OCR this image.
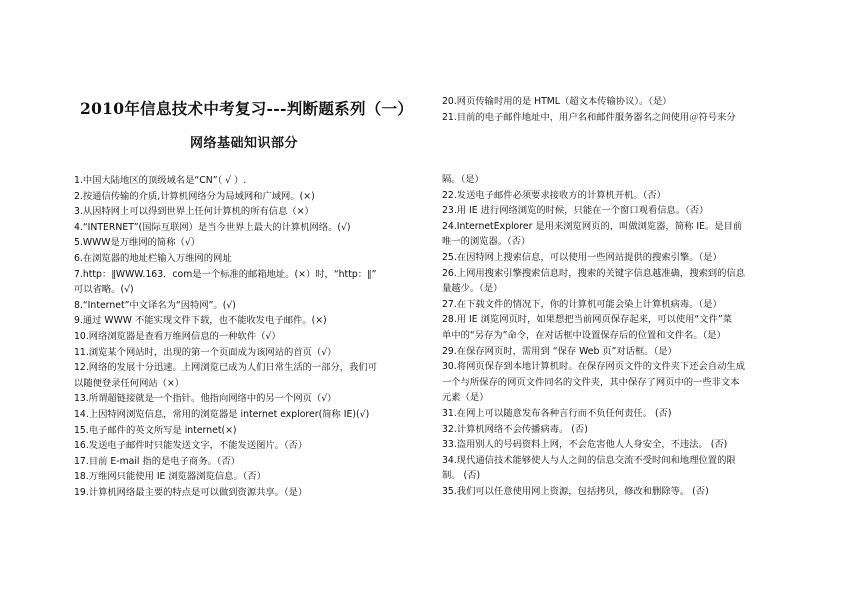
2010年信息技术中考复习---判断题系列（一）
网络基础知识部分

1.中国大陆地区的顶级域名是“CN”（ √ ）.

2.按通信传输的介质,计算机网络分为局域网和广域网。(×)

3.从因特网上可以得到世界上任何计算机的所有信息（×）

4.“INTERNET”(国际互联网）是当今世界上最大的计算机网络。(√)

5.WWW是万维网的简称（√）

6.在浏览器的地址栏输入万维网的网址

7.http：∥WWW.163．com是一个标准的邮箱地址。(×）时，“http：∥”

可以省略。(√)

8.“Internet”中文译名为“因特网”。(√)

9.通过 WWW 不能实现文件下载，也不能收发电子邮件。(×)

10.网络浏览器是查看万维网信息的一种软件（√）

11.浏览某个网站时，出现的第一个页面成为该网站的首页（√）

12.网络的发展十分迅速。上网浏览已成为人们日常生活的一部分，我们可

以随便登录任何网站（×）

13.所谓超链接就是一个指针。他指向网络中的另一个网页（√）

14.上因特网浏览信息，常用的浏览器是 internet explorer(简称 IE)(√)

15.电子邮件的英文所写是 internet(×)

16.发送电子邮件时只能发送文字，不能发送图片。（否）

17.目前 E-mail 指的是电子商务。（否）

18.万维网只能使用 IE 浏览器浏览信息。（否）

19.计算机网络最主要的特点是可以做到资源共享。（是）

20.网页传输时用的是 HTML（超文本传输协议）。（是）

21.目前的电子邮件地址中，用户名和邮件服务器名之间使用＠符号来分

隔。（是）

22.发送电子邮件必须要求接收方的计算机开机。（否）

23.用 IE 进行网络浏览的时候，只能在一个窗口观看信息。（否）

24.InternetExplorer 是用来浏览网页的，叫做浏览器，简称 IE。是目前

唯一的浏览器。（否）

25.在因特网上搜索信息，可以使用一些网站提供的搜索引擎。（是）

26.上网用搜索引擎搜索信息时，搜索的关键字信息越准确，搜索到的信息

量越少。（是）

27.在下载文件的情况下，你的计算机可能会染上计算机病毒。（是）

28.用 IE 浏览网页时，如果想把当前网页保存起来，可以使用“文件”菜

单中的“另存为”命令，在对话框中设置保存后的位置和文件名。（是）

29.在保存网页时，需用到 “保存 Web 页”对话框。（是）

30.将网页保存到本地计算机时。在保存网页文件的文件夹下还会自动生成

一个与所保存的网页文件同名的文件夹，其中保存了网页中的一些非文本

元素（是）

31.在网上可以随意发布各种言行而不负任何责任。 (否)

32.计算机网络不会传播病毒。 (否)

33.盗用别人的号码资料上网，不会危害他人人身安全，不违法。 (否)

34.现代通信技术能够使人与人之间的信息交流不受时间和地理位置的限

制。 (否)

35.我们可以任意使用网上资源，包括拷贝，修改和删除等。 (否)
